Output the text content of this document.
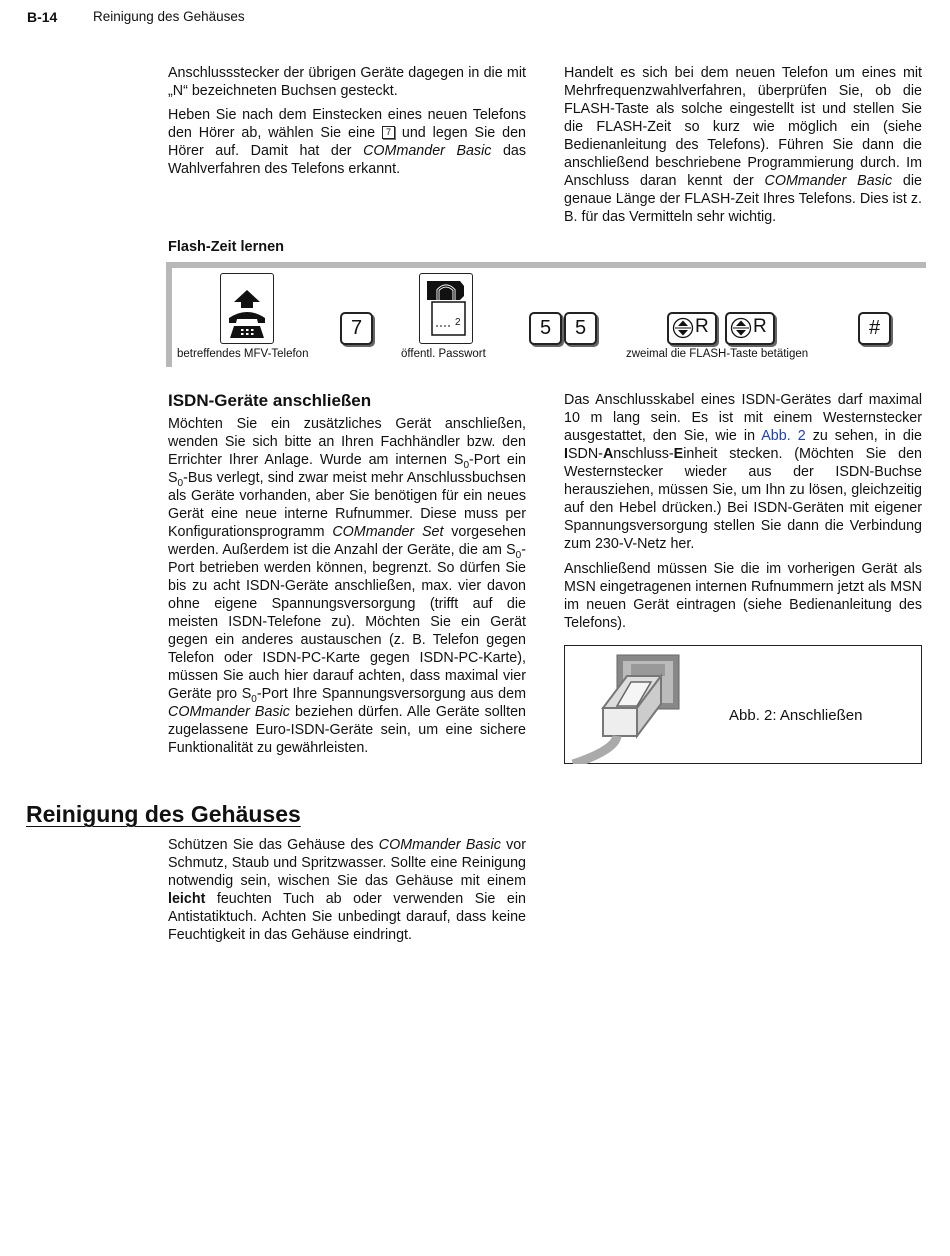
B-14	Reinigung des Gehäuses

Anschlussstecker der übrigen Geräte dagegen in die mit „N“ bezeichneten Buchsen gesteckt.

Heben Sie nach dem Einstecken eines neuen Telefons den Hörer ab, wählen Sie eine 7 und legen Sie den Hörer auf. Damit hat der COMmander Basic das Wahlverfahren des Telefons erkannt.

Handelt es sich bei dem neuen Telefon um eines mit Mehrfrequenzwahlverfahren, überprüfen Sie, ob die FLASH-Taste als solche eingestellt ist und stellen Sie die FLASH-Zeit so kurz wie möglich ein (siehe Bedienanleitung des Telefons). Führen Sie dann die anschließend beschriebene Programmierung durch. Im Anschluss daran kennt der COMmander Basic die genaue Länge der FLASH-Zeit Ihres Telefons. Dies ist z. B. für das Vermitteln sehr wichtig.

Flash-Zeit lernen
7	2	5	5	R R	#
betreffendes MFV-Telefon	öffentl. Passwort	zweimal die FLASH-Taste betätigen
ISDN-Geräte anschließen

Möchten Sie ein zusätzliches Gerät anschließen, wenden Sie sich bitte an Ihren Fachhändler bzw. den Errichter Ihrer Anlage. Wurde am internen $S_0$-Port ein $S_0$-Bus verlegt, sind zwar meist mehr Anschlussbuchsen als Geräte vorhanden, aber Sie benötigen für ein neues Gerät eine neue interne Rufnummer. Diese muss per Konfigurationsprogramm COMmander Set vorgesehen werden. Außerdem ist die Anzahl der Geräte, die am $S_0$-Port betrieben werden können, begrenzt. So dürfen Sie bis zu acht ISDN-Geräte anschließen, max. vier davon ohne eigene Spannungsversorgung (trifft auf die meisten ISDN-Telefone zu). Möchten Sie ein Gerät gegen ein anderes austauschen (z. B. Telefon gegen Telefon oder ISDN-PC-Karte gegen ISDN-PC-Karte), müssen Sie auch hier darauf achten, dass maximal vier Geräte pro $S_0$-Port Ihre Spannungsversorgung aus dem COMmander Basic beziehen dürfen. Alle Geräte sollten zugelassene Euro-ISDN-Geräte sein, um eine sichere Funktionalität zu gewährleisten.

Das Anschlusskabel eines ISDN-Gerätes darf maximal 10 m lang sein. Es ist mit einem Westernstecker ausgestattet, den Sie, wie in Abb. 2 zu sehen, in die ISDN-Anschluss-Einheit stecken. (Möchten Sie den Westernstecker wieder aus der ISDN-Buchse herausziehen, müssen Sie, um Ihn zu lösen, gleichzeitig auf den Hebel drücken.) Bei ISDN-Geräten mit eigener Spannungsversorgung stellen Sie dann die Verbindung zum 230-V-Netz her.

Anschließend müssen Sie die im vorherigen Gerät als MSN eingetragenen internen Rufnummern jetzt als MSN im neuen Gerät eintragen (siehe Bedienanleitung des Telefons).

Abb. 2: Anschließen
Reinigung des Gehäuses

Schützen Sie das Gehäuse des COMmander Basic vor Schmutz, Staub und Spritzwasser. Sollte eine Reinigung notwendig sein, wischen Sie das Gehäuse mit einem leicht feuchten Tuch ab oder verwenden Sie ein Antistatiktuch. Achten Sie unbedingt darauf, dass keine Feuchtigkeit in das Gehäuse eindringt.
